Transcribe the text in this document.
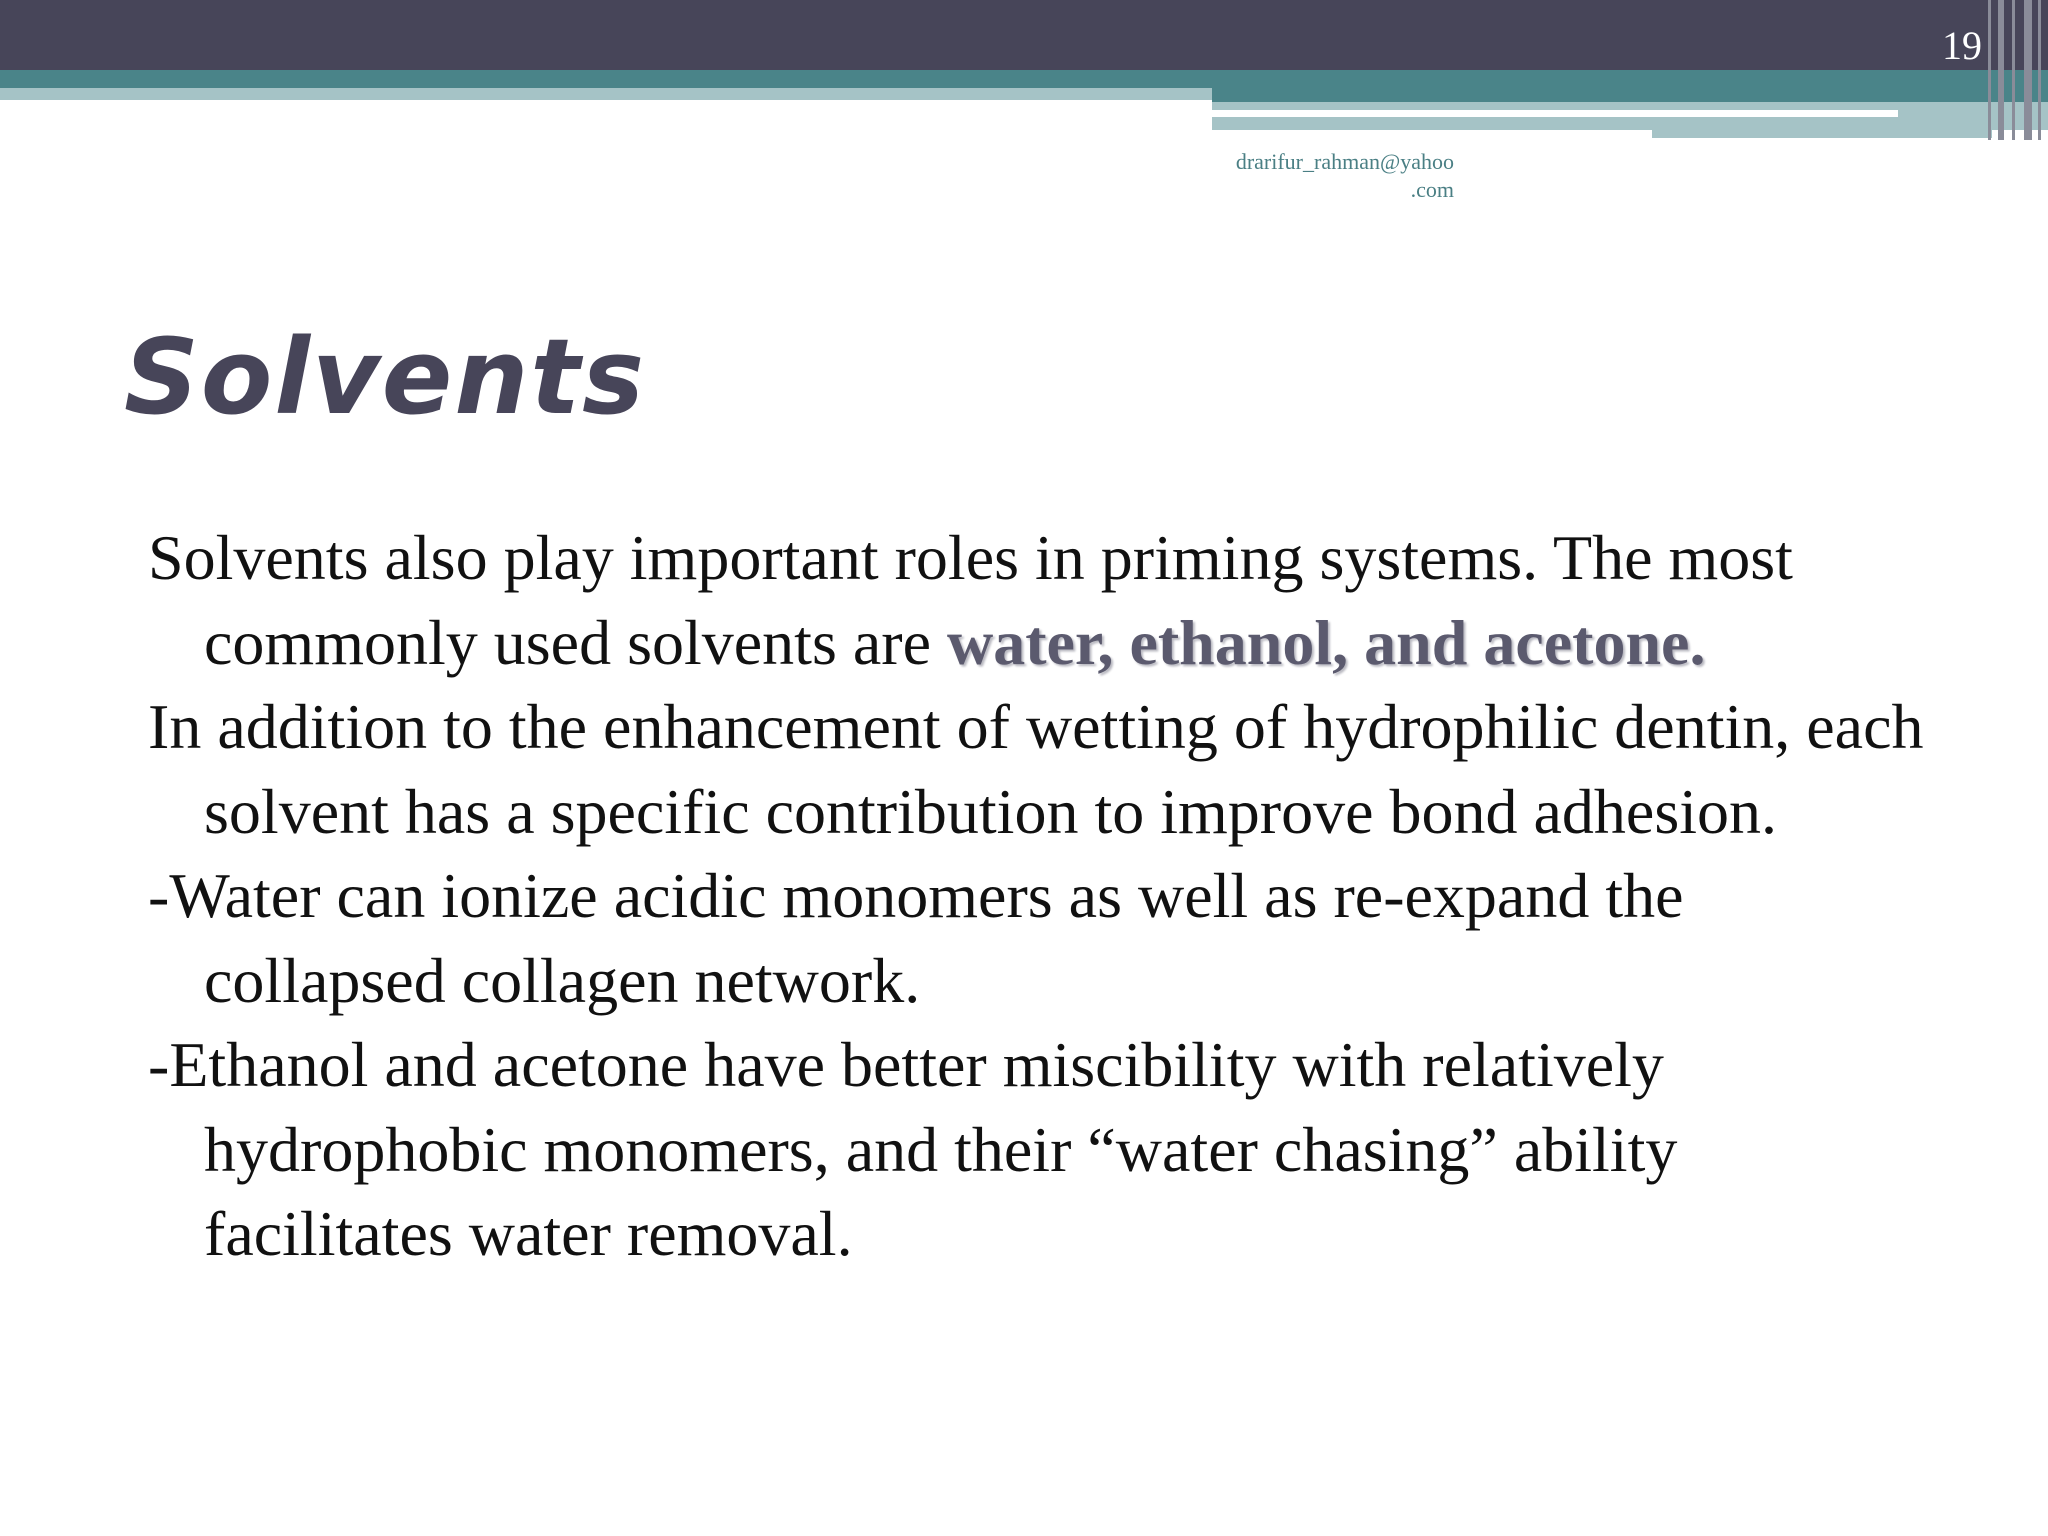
19
drarifur_rahman@yahoo
.com
Solvents

Solvents also play important roles in priming systems. The most commonly used solvents are water, ethanol, and acetone.

In addition to the enhancement of wetting of hydrophilic dentin, each solvent has a specific contribution to improve bond adhesion.

-Water can ionize acidic monomers as well as re-expand the collapsed collagen network.

-Ethanol and acetone have better miscibility with relatively hydrophobic monomers, and their “water chasing” ability facilitates water removal.
